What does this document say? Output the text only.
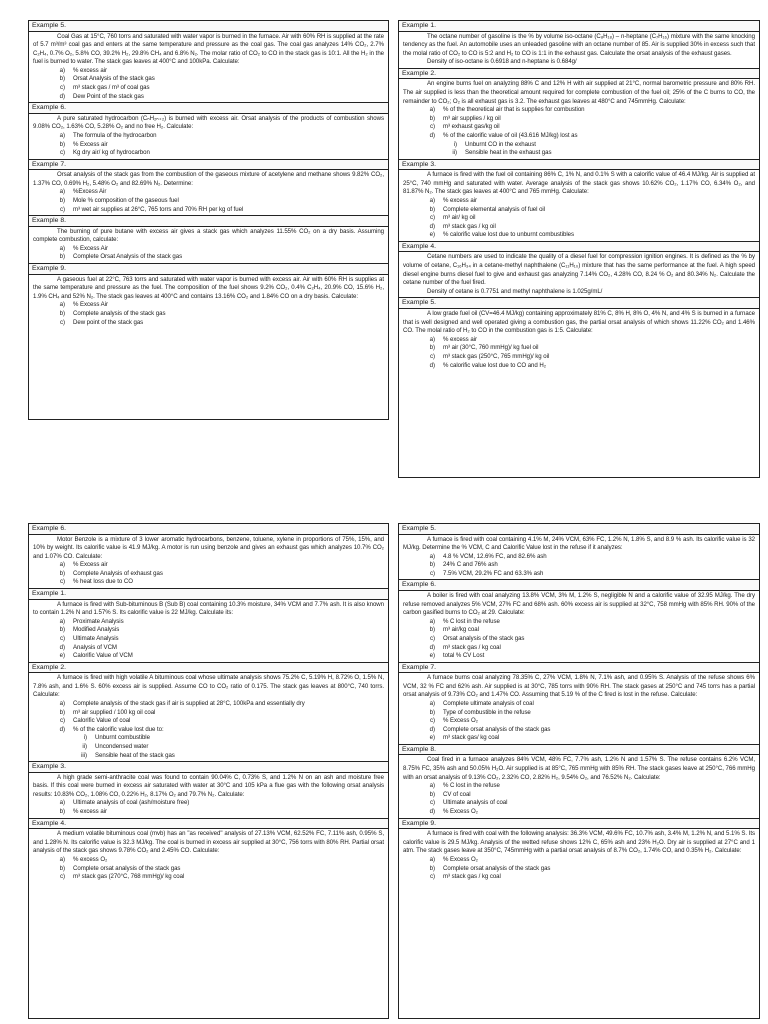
Example 5.

Coal Gas at 15°C, 760 torrs and saturated with water vapor is burned in the furnace. Air with 60% RH is supplied at the rate of 5.7 m³/m³ coal gas and enters at the same temperature and pressure as the coal gas. The coal gas analyzes 14% CO₂, 2.7% C₂H₄, 0.7% O₂, 5.8% CO, 39.2% H₂, 29.8% CH₄ and 6.8% N₂. The molar ratio of CO₂ to CO in the stack gas is 10:1. All the H₂ in the fuel is burned to water. The stack gas leaves at 400°C and 100kPa. Calculate:

a)	% excess air
b)	Orsat Analysis of the stack gas
c)	m³ stack gas / m³ of coal gas
d)	Dew Point of the stack gas
Example 6.

A pure saturated hydrocarbon (CₙH₂ₙ₊₂) is burned with excess air. Orsat analysis of the products of combustion shows 9.08% CO₂, 1.63% CO, 5.28% O₂ and no free H₂. Calculate:

a)	The formula of the hydrocarbon
b)	% Excess air
c)	Kg dry air/ kg of hydrocarbon
Example 7.

Orsat analysis of the stack gas from the combustion of the gaseous mixture of acetylene and methane shows 9.82% CO₂, 1.37% CO, 0.69% H₂, 5.48% O₂ and 82.69% N₂. Determine:

a)	%Excess Air
b)	Mole % composition of the gaseous fuel
c)	m³ wet air supplies at 26°C, 765 torrs and 70% RH per kg of fuel
Example 8.

The burning of pure butane with excess air gives a stack gas which analyzes 11.55% CO₂ on a dry basis. Assuming complete combustion, calculate:

a)	% Excess Air
b)	Complete Orsat Analysis of the stack gas
Example 9.

A gaseous fuel at 22°C, 763 torrs and saturated with water vapor is burned with excess air. Air with 60% RH is supplies at the same temperature and pressure as the fuel. The composition of the fuel shows 9.2% CO₂, 0.4% C₂H₄, 20.9% CO, 15.6% H₂, 1.9% CH₄ and 52% N₂. The stack gas leaves at 400°C and contains 13.16% CO₂ and 1.84% CO on a dry basis. Calculate:

a)	% Excess Air
b)	Complete analysis of the stack gas
c)	Dew point of the stack gas
Example 1.

The octane number of gasoline is the % by volume iso-octane (C₈H₁₈) – n-heptane (C₇H₁₆) mixture with the same knocking tendency as the fuel. An automobile uses an unleaded gasoline with an octane number of 85. Air is supplied 30% in excess such that the molal ratio of CO₂ to CO is 5:2 and H₂ to CO is 1:1 in the exhaust gas. Calculate the orsat analysis of the exhaust gases.

Density of iso-octane is 0.6918 and n-heptane is 0.684g/

Example 2.

An engine burns fuel on analyzing 88% C and 12% H with air supplied at 21°C, normal barometric pressure and 80% RH. The air supplied is less than the theoretical amount required for complete combustion of the fuel oil; 25% of the C burns to CO, the remainder to CO₂; O₂ is all exhaust gas is 3.2. The exhaust gas leaves at 480°C and 745mmHg. Calculate:

a)	% of the theoretical air that is supplies for combustion
b)	m³ air supplies / kg oil
c)	m³ exhaust gas/kg oil
d)	% of the calorific value of oil (43.616 MJ/kg) lost as
i)	Unburnt CO in the exhaust
ii)	Sensible heat in the exhaust gas
Example 3.

A furnace is fired with the fuel oil containing 86% C, 1% N, and 0.1% S with a calorific value of 46.4 MJ/kg. Air is supplied at 25°C, 740 mmHg and saturated with water. Average analysis of the stack gas shows 10.62% CO₂, 1.17% CO, 6.34% O₂, and 81.87% N₂. The stack gas leaves at 400°C and 765 mmHg. Calculate:

a)	% excess air
b)	Complete elemental analysis of fuel oil
c)	m³ air/ kg oil
d)	m³ stack gas / kg oil
e)	% calorific value lost due to unburnt combustibles
Example 4.

Cetane numbers are used to indicate the quality of a diesel fuel for compression ignition engines. It is defined as the % by volume of cetane, C₁₆H₃₄ in a cetane-methyl naphthalene (C₁₁H₁₀) mixture that has the same performance at the fuel. A high speed diesel engine burns diesel fuel to give and exhaust gas analyzing 7.14% CO₂, 4.28% CO, 8.24 % O₂ and 80.34% N₂. Calculate the cetane number of the fuel fired.

Density of cetane is 0.7751 and methyl naphthalene is 1.025g/mL/

Example 5.

A low grade fuel oil (CV=46.4 MJ/kg) containing approximately 81% C, 8% H, 8% O, 4% N, and 4% S is burned in a furnace that is well designed and well operated giving a combustion gas, the partial orsat analysis of which shows 11.22% CO₂ and 1.46% CO. The molal ratio of H₂ to CO in the combustion gas is 1:5. Calculate:

a)	% excess air
b)	m³ air (30°C, 760 mmHg)/ kg fuel oil
c)	m³ stack gas (250°C, 765 mmHg)/ kg oil
d)	% calorific value lost due to CO and H₂
Example 6.

Motor Benzole is a mixture of 3 lower aromatic hydrocarbons, benzene, toluene, xylene in proportions of 75%, 15%, and 10% by weight. Its calorific value is 41.9 MJ/kg. A motor is run using benzole and gives an exhaust gas which analyzes 10.7% CO₂ and 1.07% CO. Calculate:

a)	% Excess air
b)	Complete Analysis of exhaust gas
c)	% heat loss due to CO
Example 1.

A furnace is fired with Sub-bituminous B (Sub B) coal containing 10.3% moisture, 34% VCM and 7.7% ash. It is also known to contain 1.2% N and 1.57% S. Its calorific value is 22 MJ/kg. Calculate its:

a)	Proximate Analysis
b)	Modified Analysis
c)	Ultimate Analysis
d)	Analysis of VCM
e)	Calorific Value of VCM
Example 2.

A furnace is fired with high volatile A bituminous coal whose ultimate analysis shows 75.2% C, 5.19% H, 8.72% O, 1.5% N, 7.8% ash, and 1.6% S. 60% excess air is supplied. Assume CO to CO₂ ratio of 0.175. The stack gas leaves at 800°C, 740 torrs. Calculate:

a)	Complete analysis of the stack gas if air is supplied at 28°C, 100kPa and essentially dry
b)	m³ air supplied / 100 kg oil coal
c)	Calorific Value of coal
d)	% of the calorific value lost due to:
i)	Unburnt combustible
ii)	Uncondensed water
iii)	Sensible heat of the stack gas
Example 3.

A high grade semi-anthracite coal was found to contain 90.04% C, 0.73% S, and 1.2% N on an ash and moisture free basis. If this coal were burned in excess air saturated with water at 30°C and 105 kPa a flue gas with the following orsat analysis results: 10.83% CO₂, 1.08% CO, 0.22% H₂, 8.17% O₂ and 79.7% N₂. Calculate:

a)	Ultimate analysis of coal (ash/moisture free)
b)	% excess air
Example 4.

A medium volatile bituminous coal (mvb) has an "as received" analysis of 27.13% VCM, 62.52% FC, 7.11% ash, 0.95% S, and 1.28% N. Its calorific value is 32.3 MJ/kg. The coal is burned in excess air supplied at 30°C, 756 torrs with 80% RH. Partial orsat analysis of the stack gas shows 9.78% CO₂ and 2.45% CO. Calculate:

a)	% excess O₂
b)	Complete orsat analysis of the stack gas
c)	m³ stack gas (270°C, 768 mmHg)/ kg coal
Example 5.

A furnace is fired with coal containing 4.1% M, 24% VCM, 63% FC, 1.2% N, 1.8% S, and 8.9 % ash. Its calorific value is 32 MJ/kg. Determine the % VCM, C and Calorific Value lost in the refuse if it analyzes:

a)	4.8 % VCM, 12.6% FC, and 82.6% ash
b)	24% C and 76% ash
c)	7.5% VCM, 29.2% FC and 63.3% ash
Example 6.

A boiler is fired with coal analyzing 13.8% VCM, 3% M, 1.2% S, negligible N and a calorific value of 32.95 MJ/kg. The dry refuse removed analyzes 5% VCM, 27% FC and 68% ash. 60% excess air is supplied at 32°C, 758 mmHg with 85% RH. 90% of the carbon gasified burns to CO₂ at 29. Calculate:

a)	% C lost in the refuse
b)	m³ air/kg coal
c)	Orsat analysis of the stack gas
d)	m³ stack gas / kg coal
e)	total % CV Lost
Example 7.

A furnace burns coal analyzing 78.35% C, 27% VCM, 1.8% N, 7.1% ash, and 0.95% S. Analysis of the refuse shows 6% VCM, 32 % FC and 62% ash. Air supplied is at 30°C, 785 torrs with 90% RH. The stack gases at 250°C and 745 torrs has a partial orsat analysis of 9.73% CO₂ and 1.47% CO. Assuming that 5.19 % of the C fired is lost in the refuse. Calculate:

a)	Complete ultimate analysis of coal
b)	Type of combustible in the refuse
c)	% Excess O₂
d)	Complete orsat analysis of the stack gas
e)	m³ stack gas/ kg coal
Example 8.

Coal fired in a furnace analyzes 84% VCM, 48% FC, 7.7% ash, 1.2% N and 1.57% S. The refuse contains 6.2% VCM, 8.75% FC, 35% ash and 50.05% H₂O. Air supplied is at 85°C, 765 mmHg with 85% RH. The stack gases leave at 250°C, 766 mmHg with an orsat analysis of 9.13% CO₂, 2.32% CO, 2.82% H₂, 9.54% O₂, and 76.52% N₂. Calculate:

a)	% C lost in the refuse
b)	CV of coal
c)	Ultimate analysis of coal
d)	% Excess O₂
Example 9.

A furnace is fired with coal with the following analysis: 36.3% VCM, 49.6% FC, 10.7% ash, 3.4% M, 1.2% N, and 5.1% S. Its calorific value is 29.5 MJ/kg. Analysis of the wetted refuse shows 12% C, 65% ash and 23% H₂O. Dry air is supplied at 27°C and 1 atm. The stack gases leave at 350°C, 745mmHg with a partial orsat analysis of 8.7% CO₂, 1.74% CO, and 0.35% H₂. Calculate:

a)	% Excess O₂
b)	Complete orsat analysis of the stack gas
c)	m³ stack gas / kg coal
